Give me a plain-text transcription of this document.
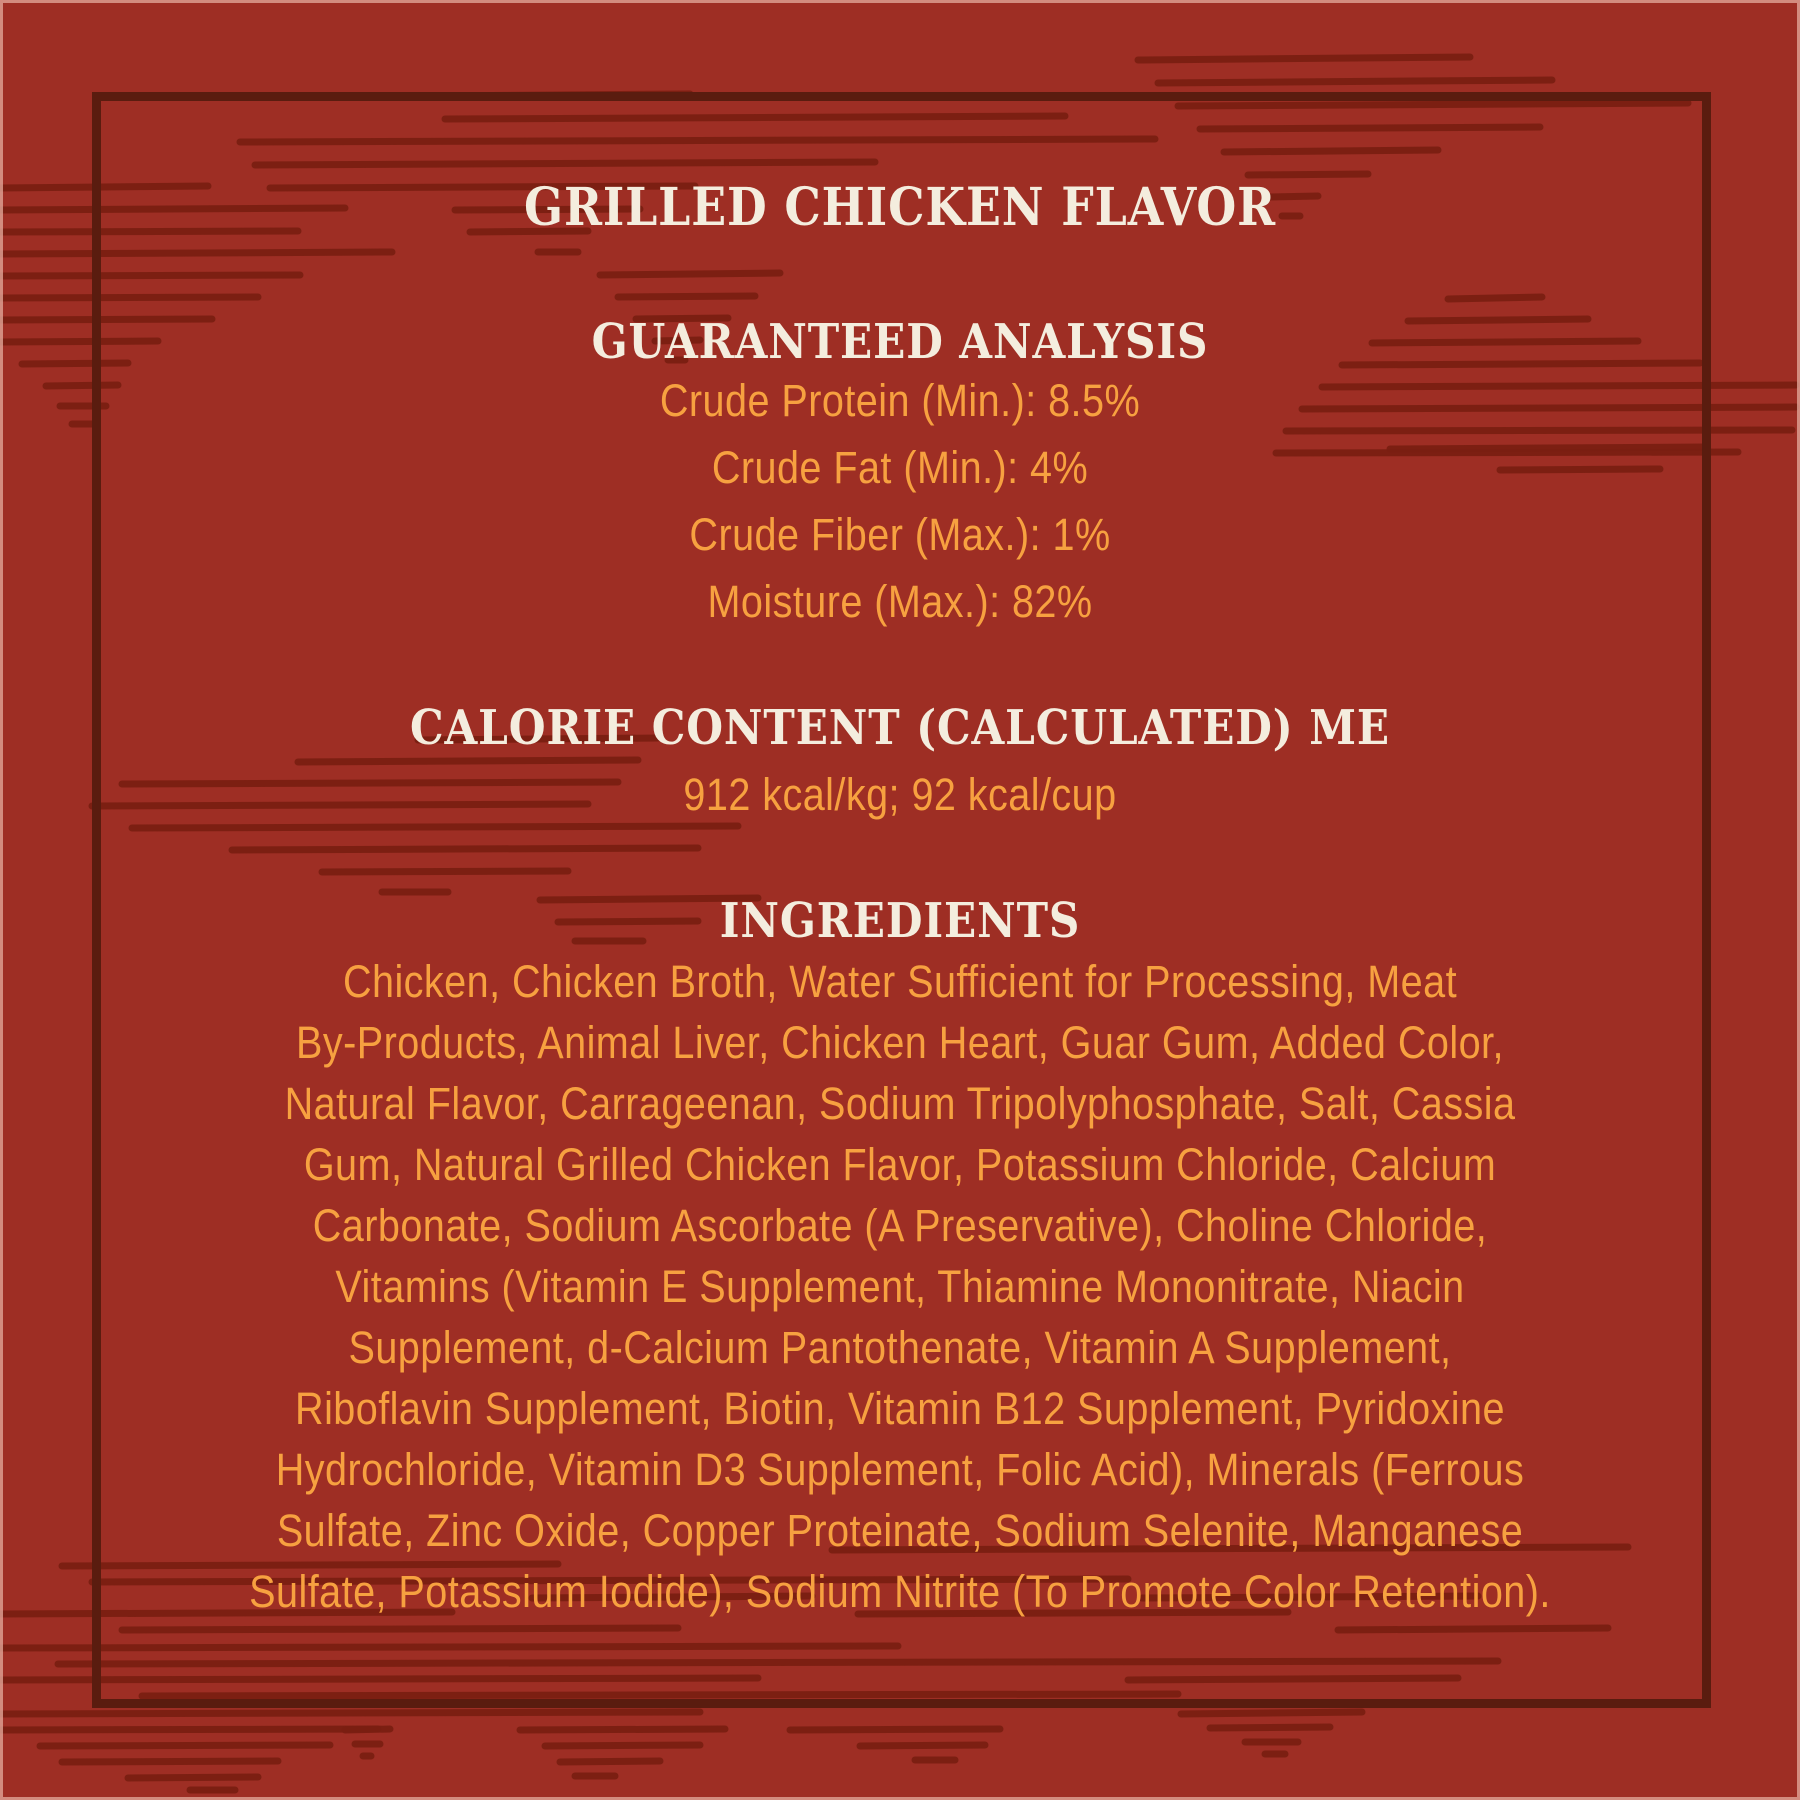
GRILLED CHICKEN FLAVOR
GUARANTEED ANALYSIS
Crude Protein (Min.): 8.5%
Crude Fat (Min.): 4%
Crude Fiber (Max.): 1%
Moisture (Max.): 82%
CALORIE CONTENT (CALCULATED) ME
912 kcal/kg; 92 kcal/cup
INGREDIENTS
Chicken, Chicken Broth, Water Sufficient for Processing, Meat
By-Products, Animal Liver, Chicken Heart, Guar Gum, Added Color,
Natural Flavor, Carrageenan, Sodium Tripolyphosphate, Salt, Cassia
Gum, Natural Grilled Chicken Flavor, Potassium Chloride, Calcium
Carbonate, Sodium Ascorbate (A Preservative), Choline Chloride,
Vitamins (Vitamin E Supplement, Thiamine Mononitrate, Niacin
Supplement, d-Calcium Pantothenate, Vitamin A Supplement,
Riboflavin Supplement, Biotin, Vitamin B12 Supplement, Pyridoxine
Hydrochloride, Vitamin D3 Supplement, Folic Acid), Minerals (Ferrous
Sulfate, Zinc Oxide, Copper Proteinate, Sodium Selenite, Manganese
Sulfate, Potassium Iodide), Sodium Nitrite (To Promote Color Retention).
